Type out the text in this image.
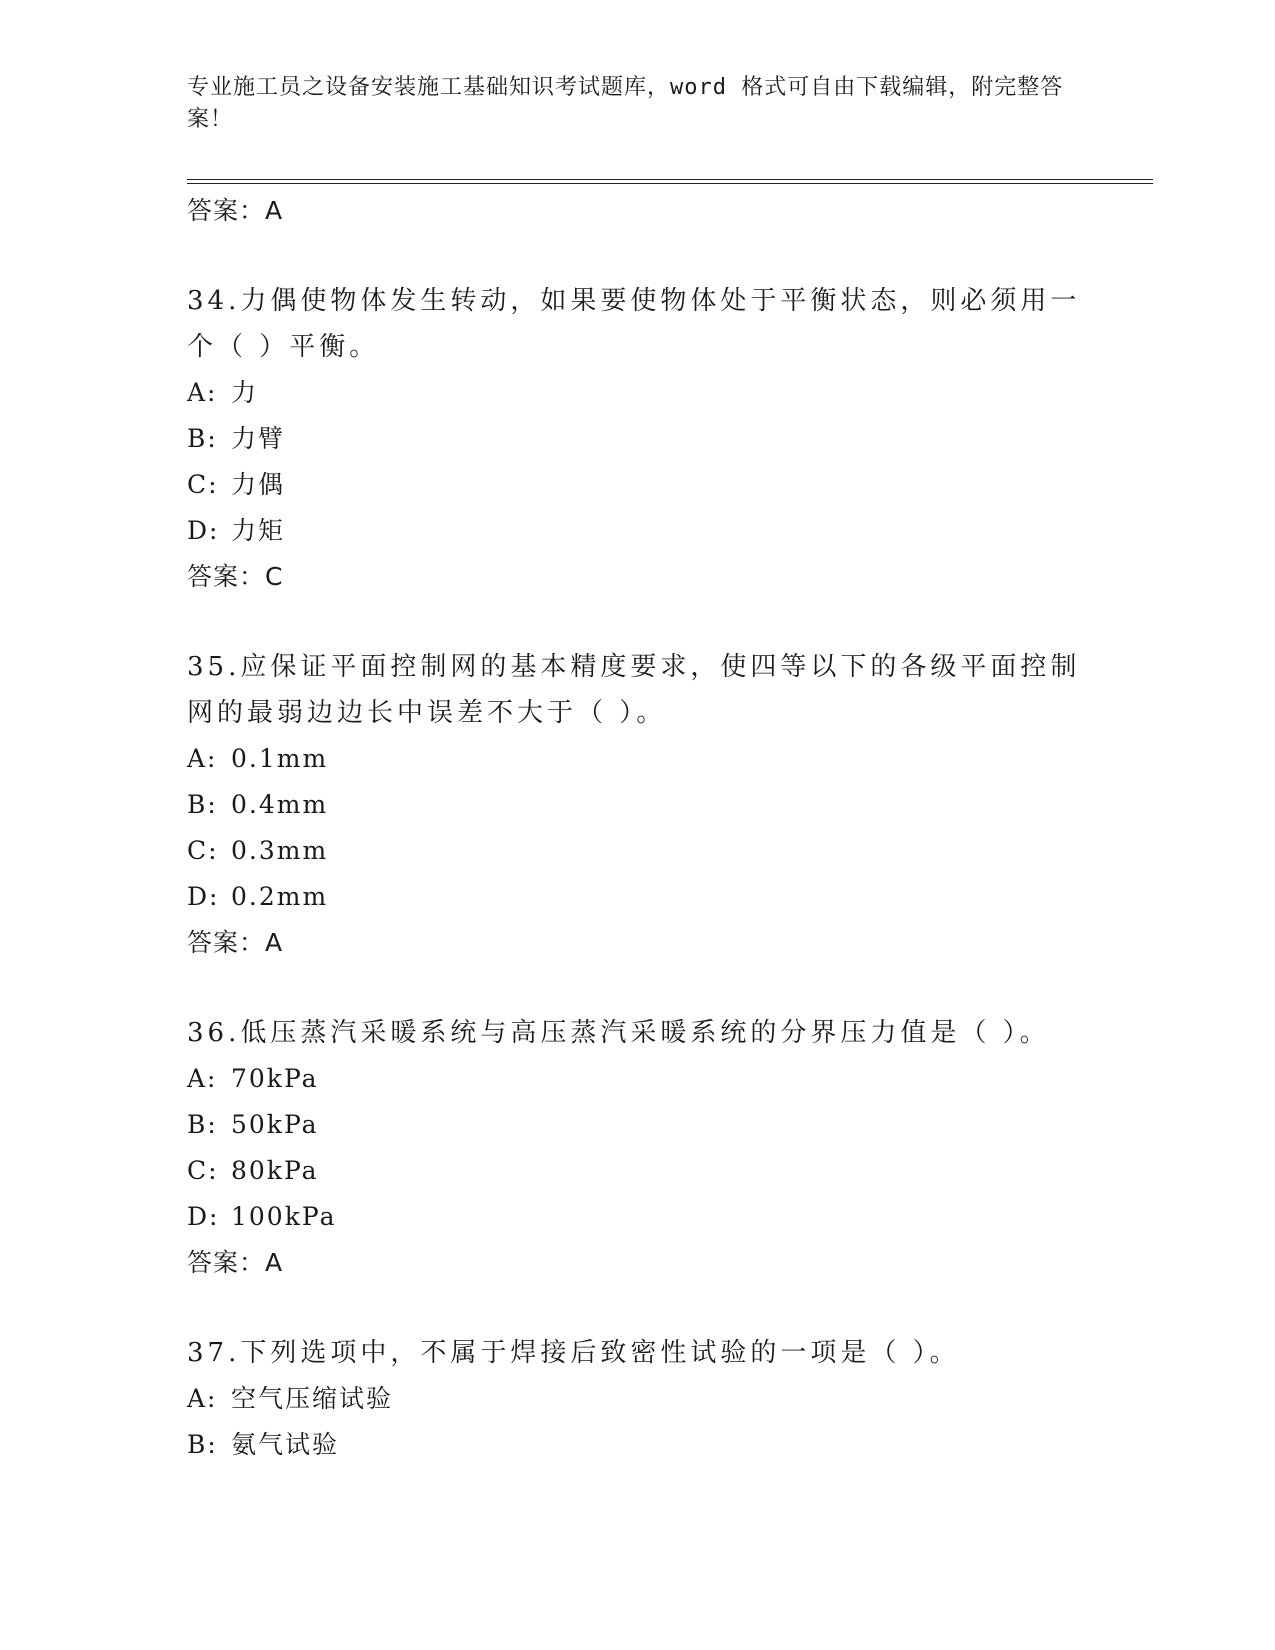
专业施工员之设备安装施工基础知识考试题库，word 格式可自由下载编辑，附完整答案！
答案：A
34.力偶使物体发生转动，如果要使物体处于平衡状态，则必须用一个（ ）平衡。
A: 力
B: 力臂
C: 力偶
D: 力矩
答案：C
35.应保证平面控制网的基本精度要求，使四等以下的各级平面控制网的最弱边边长中误差不大于（ ）。
A: 0.1mm
B: 0.4mm
C: 0.3mm
D: 0.2mm
答案：A
36.低压蒸汽采暖系统与高压蒸汽采暖系统的分界压力值是（ ）。
A: 70kPa
B: 50kPa
C: 80kPa
D: 100kPa
答案：A
37.下列选项中，不属于焊接后致密性试验的一项是（ ）。
A: 空气压缩试验
B: 氨气试验
